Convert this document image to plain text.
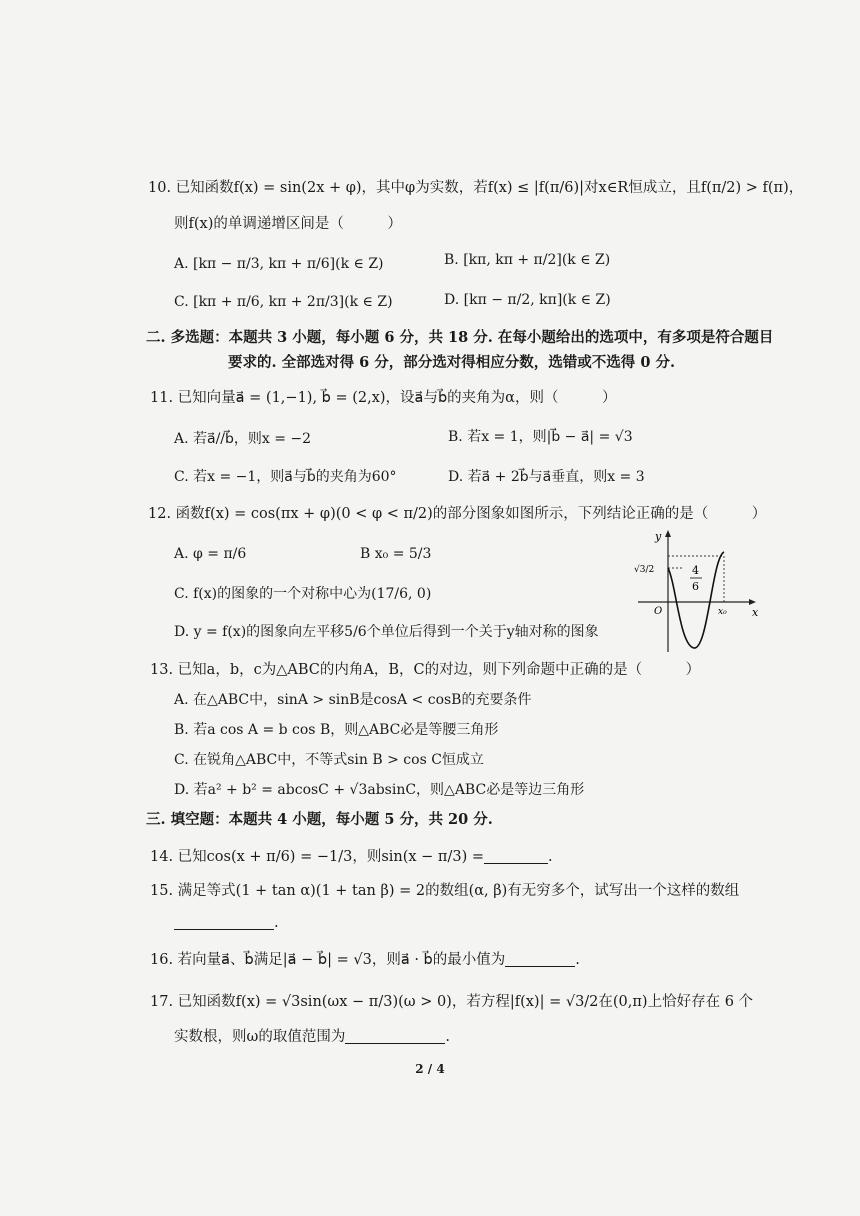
10. 已知函数f(x) = sin(2x + φ)，其中φ为实数，若f(x) ≤ |f(π/6)|对x∈R恒成立，且f(π/2) > f(π)，
则f(x)的单调递增区间是（　　　）
A. [kπ − π/3, kπ + π/6](k ∈ Z)	B. [kπ, kπ + π/2](k ∈ Z)
C. [kπ + π/6, kπ + 2π/3](k ∈ Z)	D. [kπ − π/2, kπ](k ∈ Z)
二. 多选题：本题共 3 小题，每小题 6 分，共 18 分. 在每小题给出的选项中，有多项是符合题目
要求的. 全部选对得 6 分，部分选对得相应分数，选错或不选得 0 分.
11. 已知向量a⃗ = (1,−1), b⃗ = (2,x)，设a⃗与b⃗的夹角为α，则（　　　）
A. 若a⃗//b⃗，则x = −2	B. 若x = 1，则|b⃗ − a⃗| = √3
C. 若x = −1，则a⃗与b⃗的夹角为60°	D. 若a⃗ + 2b⃗与a⃗垂直，则x = 3
12. 函数f(x) = cos(πx + φ)(0 < φ < π/2)的部分图象如图所示，下列结论正确的是（　　　）
A. φ = π/6	B x₀ = 5/3
C. f(x)的图象的一个对称中心为(17/6, 0)
D. y = f(x)的图象向左平移5/6个单位后得到一个关于y轴对称的图象
y
x
O
√3/2
x₀
4
6
13. 已知a，b，c为△ABC的内角A，B，C的对边，则下列命题中正确的是（　　　）
A. 在△ABC中，sinA > sinB是cosA < cosB的充要条件
B. 若a cos A = b cos B，则△ABC必是等腰三角形
C. 在锐角△ABC中，不等式sin B > cos C恒成立
D. 若a² + b² = abcosC + √3absinC，则△ABC必是等边三角形
三. 填空题：本题共 4 小题，每小题 5 分，共 20 分.
14. 已知cos(x + π/6) = −1/3，则sin(x − π/3) =	.
15. 满足等式(1 + tan α)(1 + tan β) = 2的数组(α, β)有无穷多个，试写出一个这样的数组
.
16. 若向量a⃗、b⃗满足|a⃗ − b⃗| = √3，则a⃗ · b⃗的最小值为	.
17. 已知函数f(x) = √3sin(ωx − π/3)(ω > 0)，若方程|f(x)| = √3/2在(0,π)上恰好存在 6 个
实数根，则ω的取值范围为	.
2 / 4
